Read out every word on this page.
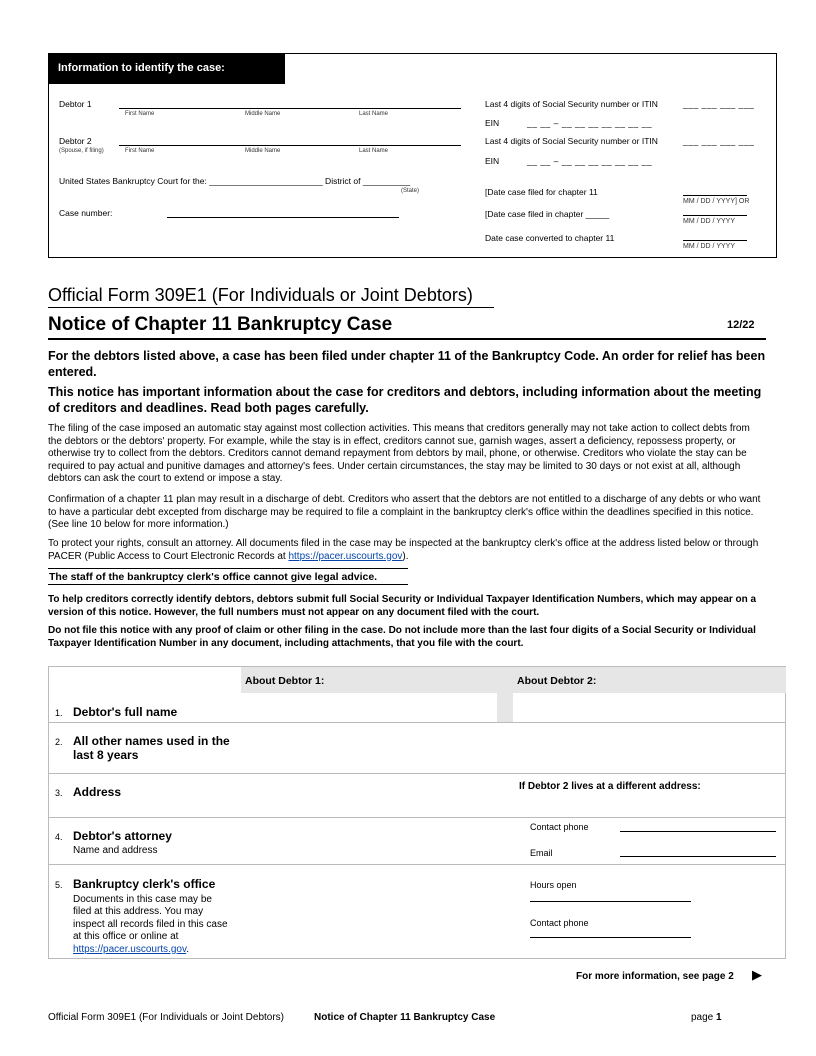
Information to identify the case:
Debtor 1
First Name	Middle Name	Last Name
Debtor 2
(Spouse, if filing)	First Name	Middle Name	Last Name
United States Bankruptcy Court for the: ________________________ District of __________
(State)
Case number:
Last 4 digits of Social Security number or ITIN	___ ___ ___ ___
EIN	__ __ – __ __ __ __ __ __ __
Last 4 digits of Social Security number or ITIN	___ ___ ___ ___
EIN	__ __ – __ __ __ __ __ __ __
[Date case filed for chapter 11
MM / DD / YYYY] OR
[Date case filed in chapter _____
MM / DD / YYYY
Date case converted to chapter 11
MM / DD / YYYY
Official Form 309E1 (For Individuals or Joint Debtors)
Notice of Chapter 11 Bankruptcy Case	12/22
For the debtors listed above, a case has been filed under chapter 11 of the Bankruptcy Code. An order for relief has been entered.
This notice has important information about the case for creditors and debtors, including information about the meeting of creditors and deadlines. Read both pages carefully.
The filing of the case imposed an automatic stay against most collection activities. This means that creditors generally may not take action to collect debts from the debtors or the debtors' property. For example, while the stay is in effect, creditors cannot sue, garnish wages, assert a deficiency, repossess property, or otherwise try to collect from the debtors. Creditors cannot demand repayment from debtors by mail, phone, or otherwise. Creditors who violate the stay can be required to pay actual and punitive damages and attorney's fees. Under certain circumstances, the stay may be limited to 30 days or not exist at all, although debtors can ask the court to extend or impose a stay.
Confirmation of a chapter 11 plan may result in a discharge of debt. Creditors who assert that the debtors are not entitled to a discharge of any debts or who want to have a particular debt excepted from discharge may be required to file a complaint in the bankruptcy clerk's office within the deadlines specified in this notice. (See line 10 below for more information.)
To protect your rights, consult an attorney. All documents filed in the case may be inspected at the bankruptcy clerk's office at the address listed below or through PACER (Public Access to Court Electronic Records at https://pacer.uscourts.gov).
The staff of the bankruptcy clerk's office cannot give legal advice.
To help creditors correctly identify debtors, debtors submit full Social Security or Individual Taxpayer Identification Numbers, which may appear on a version of this notice. However, the full numbers must not appear on any document filed with the court.
Do not file this notice with any proof of claim or other filing in the case. Do not include more than the last four digits of a Social Security or Individual Taxpayer Identification Number in any document, including attachments, that you file with the court.
About Debtor 1:	About Debtor 2:
1. Debtor's full name
2. All other names used in the last 8 years
3. Address	If Debtor 2 lives at a different address:
4. Debtor's attorney
Name and address
Contact phone
Email
5. Bankruptcy clerk's office
Documents in this case may be filed at this address. You may inspect all records filed in this case at this office or online at https://pacer.uscourts.gov.
Hours open
Contact phone
For more information, see page 2 ▶
Official Form 309E1 (For Individuals or Joint Debtors)	Notice of Chapter 11 Bankruptcy Case	page 1
